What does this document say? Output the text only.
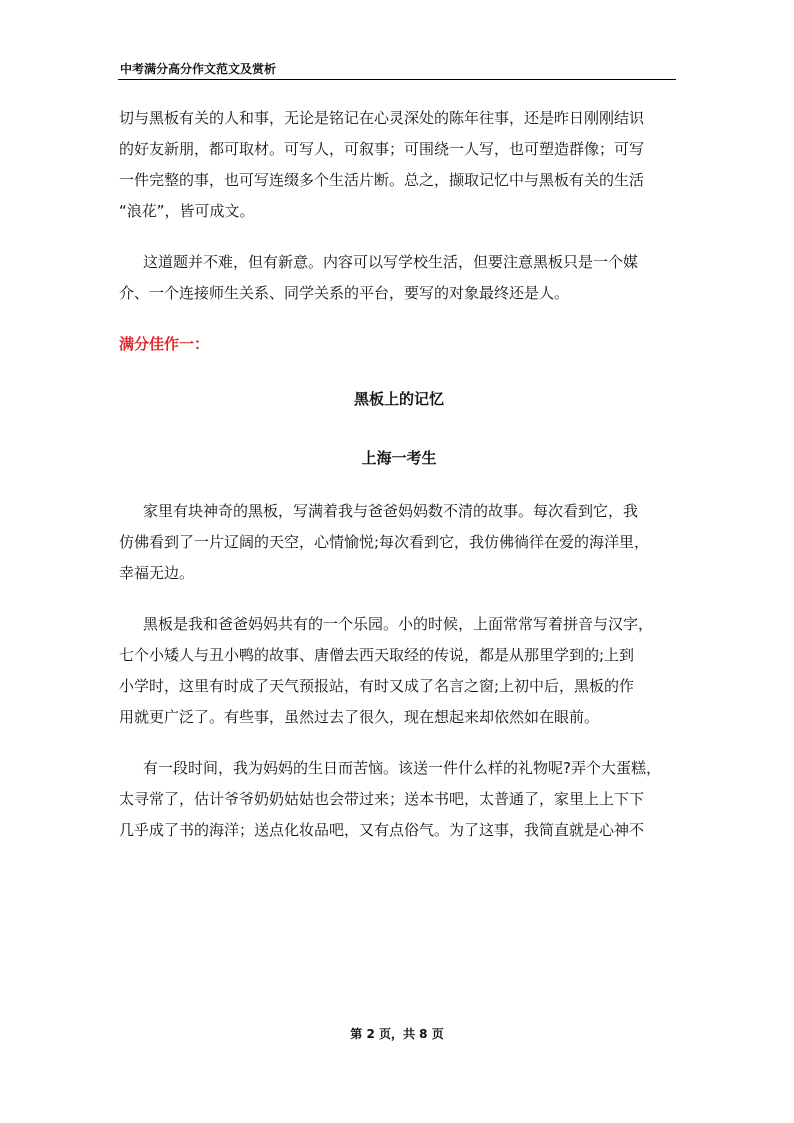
中考满分高分作文范文及赏析
切与黑板有关的人和事，无论是铭记在心灵深处的陈年往事，还是昨日刚刚结识
的好友新朋，都可取材。可写人，可叙事；可围绕一人写，也可塑造群像；可写
一件完整的事，也可写连缀多个生活片断。总之，撷取记忆中与黑板有关的生活
“浪花”，皆可成文。
这道题并不难，但有新意。内容可以写学校生活，但要注意黑板只是一个媒
介、一个连接师生关系、同学关系的平台，要写的对象最终还是人。
满分佳作一：
黑板上的记忆
上海一考生
家里有块神奇的黑板，写满着我与爸爸妈妈数不清的故事。每次看到它，我
仿佛看到了一片辽阔的天空，心情愉悦;每次看到它，我仿佛徜徉在爱的海洋里，
幸福无边。
黑板是我和爸爸妈妈共有的一个乐园。小的时候，上面常常写着拼音与汉字，
七个小矮人与丑小鸭的故事、唐僧去西天取经的传说，都是从那里学到的;上到
小学时，这里有时成了天气预报站，有时又成了名言之窗;上初中后，黑板的作
用就更广泛了。有些事，虽然过去了很久，现在想起来却依然如在眼前。
有一段时间，我为妈妈的生日而苦恼。该送一件什么样的礼物呢?弄个大蛋糕，
太寻常了，估计爷爷奶奶姑姑也会带过来；送本书吧，太普通了，家里上上下下
几乎成了书的海洋；送点化妆品吧，又有点俗气。为了这事，我简直就是心神不
第 2 页，共 8 页
